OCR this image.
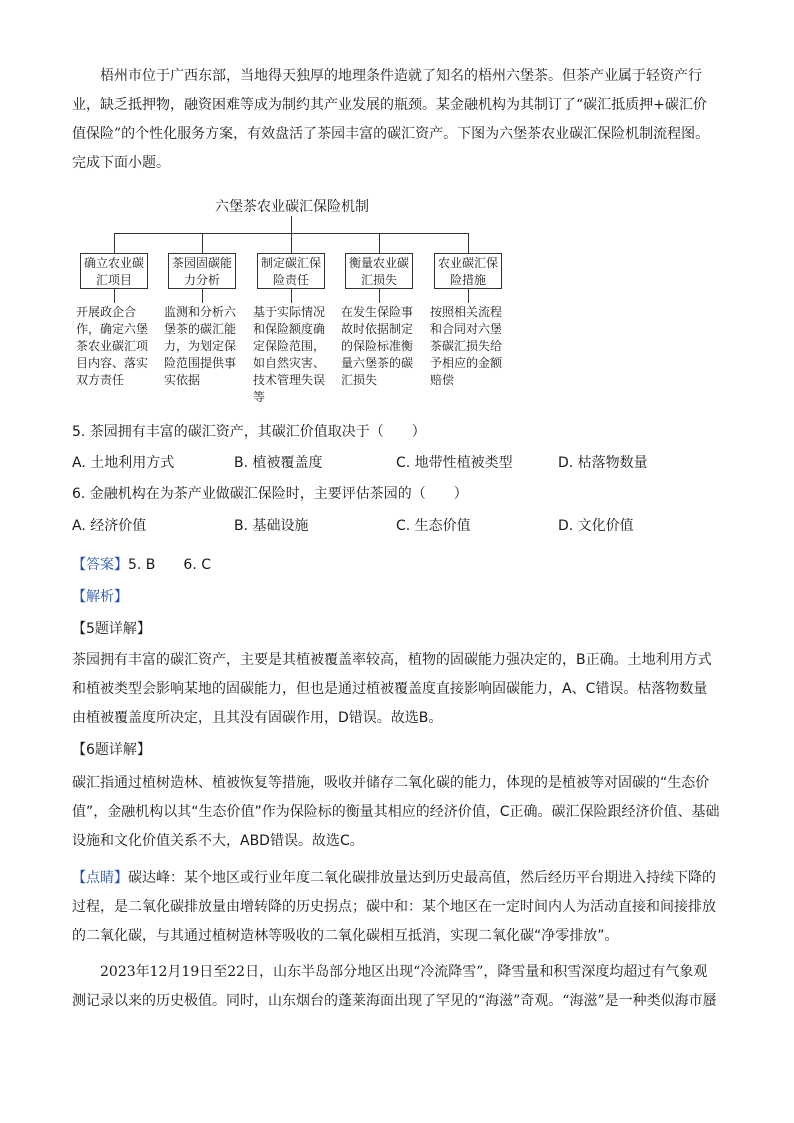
梧州市位于广西东部，当地得天独厚的地理条件造就了知名的梧州六堡茶。但茶产业属于轻资产行业，缺乏抵押物，融资困难等成为制约其产业发展的瓶颈。某金融机构为其制订了“碳汇抵质押+碳汇价值保险”的个性化服务方案，有效盘活了茶园丰富的碳汇资产。下图为六堡茶农业碳汇保险机制流程图。完成下面小题。

六堡茶农业碳汇保险机制
确立农业碳汇项目
茶园固碳能力分析
制定碳汇保险责任
衡量农业碳汇损失
农业碳汇保险措施
开展政企合作，确定六堡茶农业碳汇项目内容、落实双方责任
监测和分析六堡茶的碳汇能力，为划定保险范围提供事实依据
基于实际情况和保险额度确定保险范围，如自然灾害、技术管理失误等
在发生保险事故时依据制定的保险标准衡量六堡茶的碳汇损失
按照相关流程和合同对六堡茶碳汇损失给予相应的金额赔偿

5. 茶园拥有丰富的碳汇资产，其碳汇价值取决于（　　）

A. 土地利用方式	B. 植被覆盖度	C. 地带性植被类型	D. 枯落物数量

6. 金融机构在为茶产业做碳汇保险时，主要评估茶园的（　　）

A. 经济价值	B. 基础设施	C. 生态价值	D. 文化价值

【答案】5. B　　6. C

【解析】

【5题详解】

茶园拥有丰富的碳汇资产，主要是其植被覆盖率较高，植物的固碳能力强决定的，B正确。土地利用方式和植被类型会影响某地的固碳能力，但也是通过植被覆盖度直接影响固碳能力，A、C错误。枯落物数量由植被覆盖度所决定，且其没有固碳作用，D错误。故选B。

【6题详解】

碳汇指通过植树造林、植被恢复等措施，吸收并储存二氧化碳的能力，体现的是植被等对固碳的“生态价值”，金融机构以其“生态价值”作为保险标的衡量其相应的经济价值，C正确。碳汇保险跟经济价值、基础设施和文化价值关系不大，ABD错误。故选C。

【点睛】碳达峰：某个地区或行业年度二氧化碳排放量达到历史最高值，然后经历平台期进入持续下降的过程，是二氧化碳排放量由增转降的历史拐点；碳中和：某个地区在一定时间内人为活动直接和间接排放的二氧化碳，与其通过植树造林等吸收的二氧化碳相互抵消，实现二氧化碳“净零排放”。

2023年12月19日至22日，山东半岛部分地区出现“冷流降雪”，降雪量和积雪深度均超过有气象观测记录以来的历史极值。同时，山东烟台的蓬莱海面出现了罕见的“海滋”奇观。“海滋”是一种类似海市蜃
